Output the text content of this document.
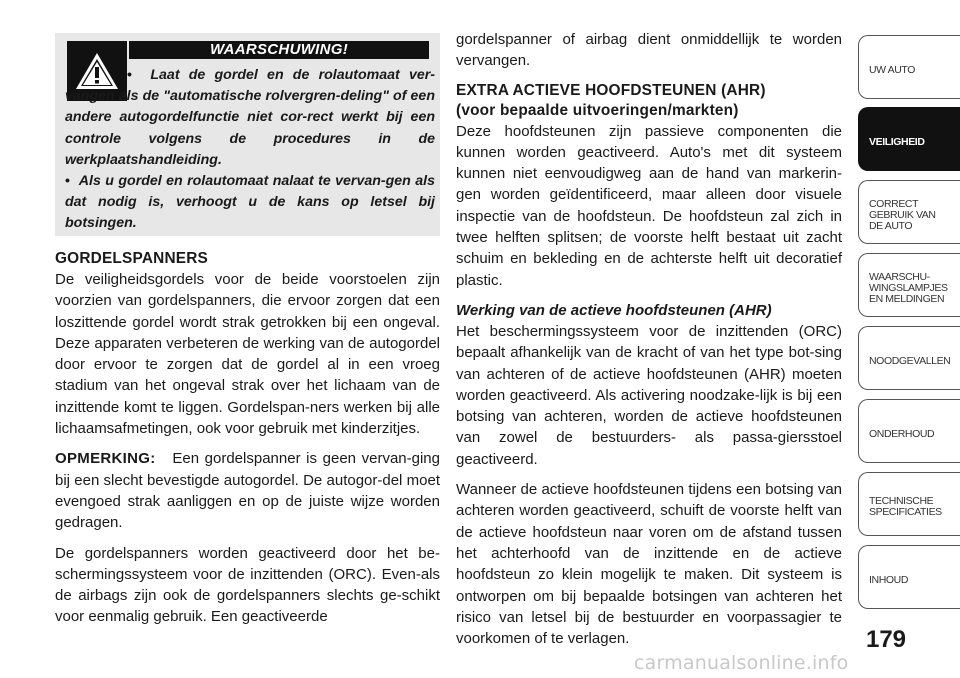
WAARSCHUWING!

• Laat de gordel en de rolautomaat ver-vangen als de "automatische rolvergren-deling" of een andere autogordelfunctie niet cor-rect werkt bij een controle volgens de procedures in de werkplaatshandleiding.

• Als u gordel en rolautomaat nalaat te vervan-gen als dat nodig is, verhoogt u de kans op letsel bij botsingen.

GORDELSPANNERS

De veiligheidsgordels voor de beide voorstoelen zijn voorzien van gordelspanners, die ervoor zorgen dat een loszittende gordel wordt strak getrokken bij een ongeval. Deze apparaten verbeteren de werking van de autogordel door ervoor te zorgen dat de gordel al in een vroeg stadium van het ongeval strak over het lichaam van de inzittende komt te liggen. Gordelspan-ners werken bij alle lichaamsafmetingen, ook voor gebruik met kinderzitjes.

OPMERKING: Een gordelspanner is geen vervan-ging bij een slecht bevestigde autogordel. De autogor-del moet evengoed strak aanliggen en op de juiste wijze worden gedragen.

De gordelspanners worden geactiveerd door het be-schermingssysteem voor de inzittenden (ORC). Even-als de airbags zijn ook de gordelspanners slechts ge-schikt voor eenmalig gebruik. Een geactiveerde

gordelspanner of airbag dient onmiddellijk te worden vervangen.

EXTRA ACTIEVE HOOFDSTEUNEN (AHR)

(voor bepaalde uitvoeringen/markten)

Deze hoofdsteunen zijn passieve componenten die kunnen worden geactiveerd. Auto's met dit systeem kunnen niet eenvoudigweg aan de hand van markerin-gen worden geïdentificeerd, maar alleen door visuele inspectie van de hoofdsteun. De hoofdsteun zal zich in twee helften splitsen; de voorste helft bestaat uit zacht schuim en bekleding en de achterste helft uit decoratief plastic.

Werking van de actieve hoofdsteunen (AHR)

Het beschermingssysteem voor de inzittenden (ORC) bepaalt afhankelijk van de kracht of van het type bot-sing van achteren of de actieve hoofdsteunen (AHR) moeten worden geactiveerd. Als activering noodzake-lijk is bij een botsing van achteren, worden de actieve hoofdsteunen van zowel de bestuurders- als passa-giersstoel geactiveerd.

Wanneer de actieve hoofdsteunen tijdens een botsing van achteren worden geactiveerd, schuift de voorste helft van de actieve hoofdsteun naar voren om de afstand tussen het achterhoofd van de inzittende en de actieve hoofdsteun zo klein mogelijk te maken. Dit systeem is ontworpen om bij bepaalde botsingen van achteren het risico van letsel bij de bestuurder en voorpassagier te voorkomen of te verlagen.

UW AUTO
VEILIGHEID
CORRECT
GEBRUIK VAN
DE AUTO
WAARSCHU-
WINGSLAMPJES
EN MELDINGEN
NOODGEVALLEN
ONDERHOUD
TECHNISCHE
SPECIFICATIES
INHOUD
179
carmanualsonline.info
